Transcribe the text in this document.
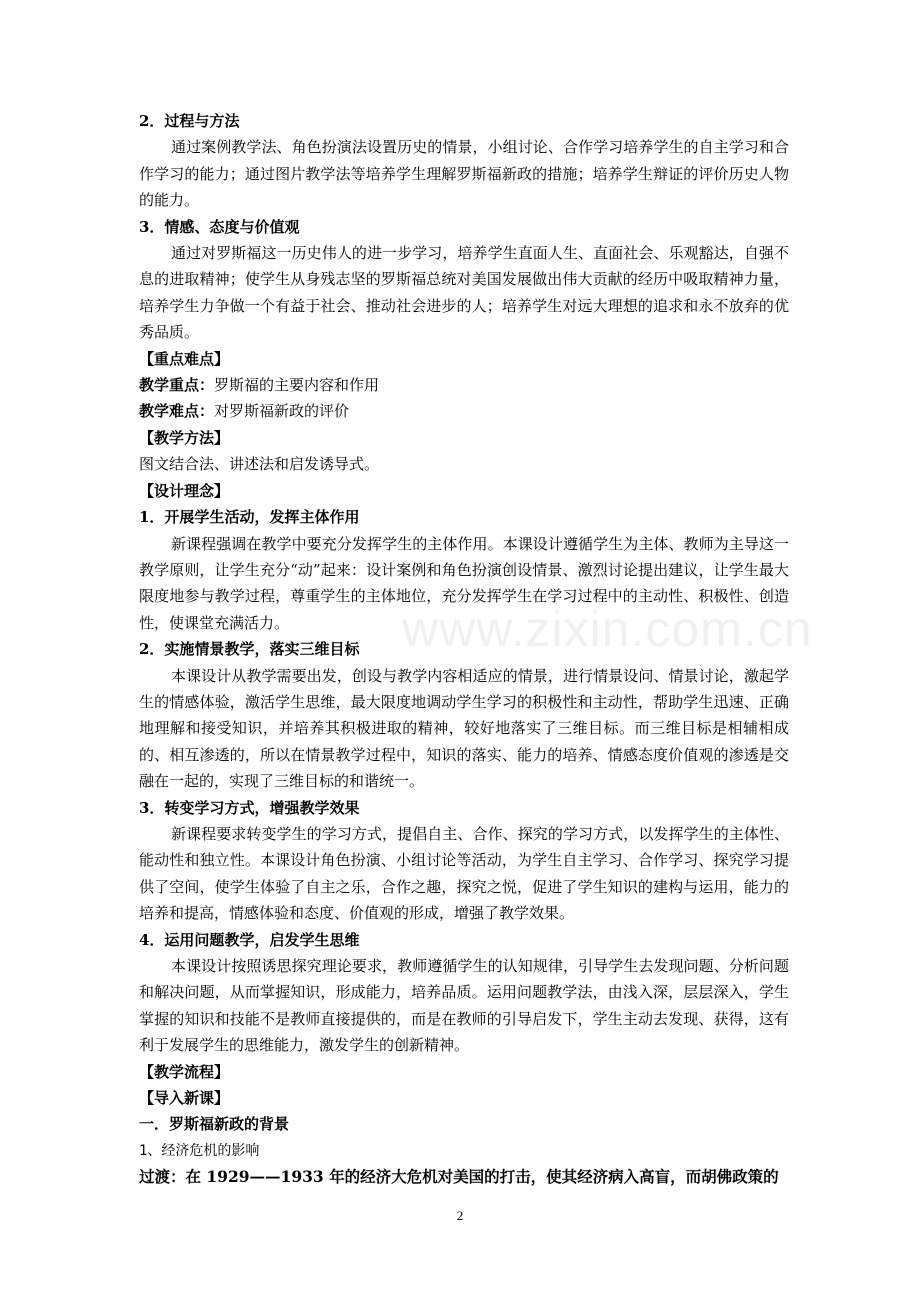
www.zixin.com.cn

2．过程与方法

通过案例教学法、角色扮演法设置历史的情景，小组讨论、合作学习培养学生的自主学习和合作学习的能力；通过图片教学法等培养学生理解罗斯福新政的措施；培养学生辩证的评价历史人物的能力。

3．情感、态度与价值观

通过对罗斯福这一历史伟人的进一步学习，培养学生直面人生、直面社会、乐观豁达，自强不息的进取精神；使学生从身残志坚的罗斯福总统对美国发展做出伟大贡献的经历中吸取精神力量，培养学生力争做一个有益于社会、推动社会进步的人；培养学生对远大理想的追求和永不放弃的优秀品质。

【重点难点】

教学重点：罗斯福的主要内容和作用

教学难点：对罗斯福新政的评价

【教学方法】

图文结合法、讲述法和启发诱导式。

【设计理念】

1．开展学生活动，发挥主体作用

新课程强调在教学中要充分发挥学生的主体作用。本课设计遵循学生为主体、教师为主导这一教学原则，让学生充分“动”起来：设计案例和角色扮演创设情景、激烈讨论提出建议，让学生最大限度地参与教学过程，尊重学生的主体地位，充分发挥学生在学习过程中的主动性、积极性、创造性，使课堂充满活力。

2．实施情景教学，落实三维目标

本课设计从教学需要出发，创设与教学内容相适应的情景，进行情景设问、情景讨论，激起学生的情感体验，激活学生思维，最大限度地调动学生学习的积极性和主动性，帮助学生迅速、正确地理解和接受知识，并培养其积极进取的精神，较好地落实了三维目标。而三维目标是相辅相成的、相互渗透的，所以在情景教学过程中，知识的落实、能力的培养、情感态度价值观的渗透是交融在一起的，实现了三维目标的和谐统一。

3．转变学习方式，增强教学效果

新课程要求转变学生的学习方式，提倡自主、合作、探究的学习方式，以发挥学生的主体性、能动性和独立性。本课设计角色扮演、小组讨论等活动，为学生自主学习、合作学习、探究学习提供了空间，使学生体验了自主之乐，合作之趣，探究之悦，促进了学生知识的建构与运用，能力的培养和提高，情感体验和态度、价值观的形成，增强了教学效果。

4．运用问题教学，启发学生思维

本课设计按照诱思探究理论要求，教师遵循学生的认知规律，引导学生去发现问题、分析问题和解决问题，从而掌握知识，形成能力，培养品质。运用问题教学法，由浅入深，层层深入，学生掌握的知识和技能不是教师直接提供的，而是在教师的引导启发下，学生主动去发现、获得，这有利于发展学生的思维能力，激发学生的创新精神。

【教学流程】

【导入新课】

一．罗斯福新政的背景

1、经济危机的影响

过渡：在 1929——1933 年的经济大危机对美国的打击，使其经济病入高盲，而胡佛政策的

2
